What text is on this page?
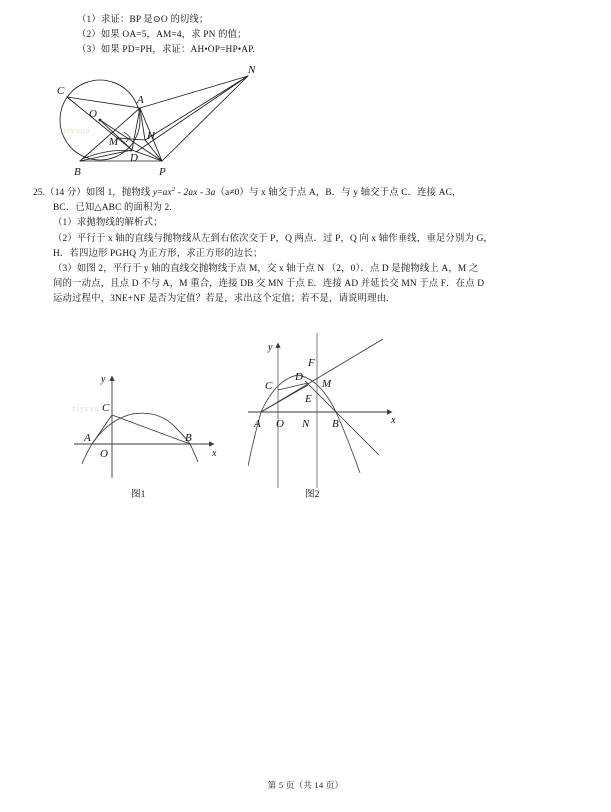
（1）求证：BP 是⊙O 的切线；
（2）如果 OA=5，AM=4，求 PN 的值；
（3）如果 PD=PH，求证：AH•OP=HP•AP.
C
A
O
M	H
D
B	P
N
ziyuan
25.（14 分）如图 1，抛物线 $y=ax^2 - 2ax - 3a(a\ne 0)$与 x 轴交于点 A，B．与 y 轴交于点 C．连接 AC，
BC．已知△ABC 的面积为 2.
（1）求抛物线的解析式；
（2）平行于 x 轴的直线与抛物线从左到右依次交于 P，Q 两点．过 P，Q 向 x 轴作垂线，垂足分别为 G，
H．若四边形 PGHQ 为正方形，求正方形的边长；
（3）如图 2，平行于 y 轴的直线交抛物线于点 M，交 x 轴于点 N （2，0）．点 D 是抛物线上 A，M 之
间的一动点，且点 D 不与 A，M 重合，连接 DB 交 MN 于点 E．连接 AD 并延长交 MN 于点 F．在点 D
运动过程中，3NE+NF 是否为定值？若是，求出这个定值；若不是，请说明理由.
A
C
B
O	x
y
图1
ziyuan
A O N B
C
D
F
M
E
x
y
图2
第 5 页（共 14 页）
